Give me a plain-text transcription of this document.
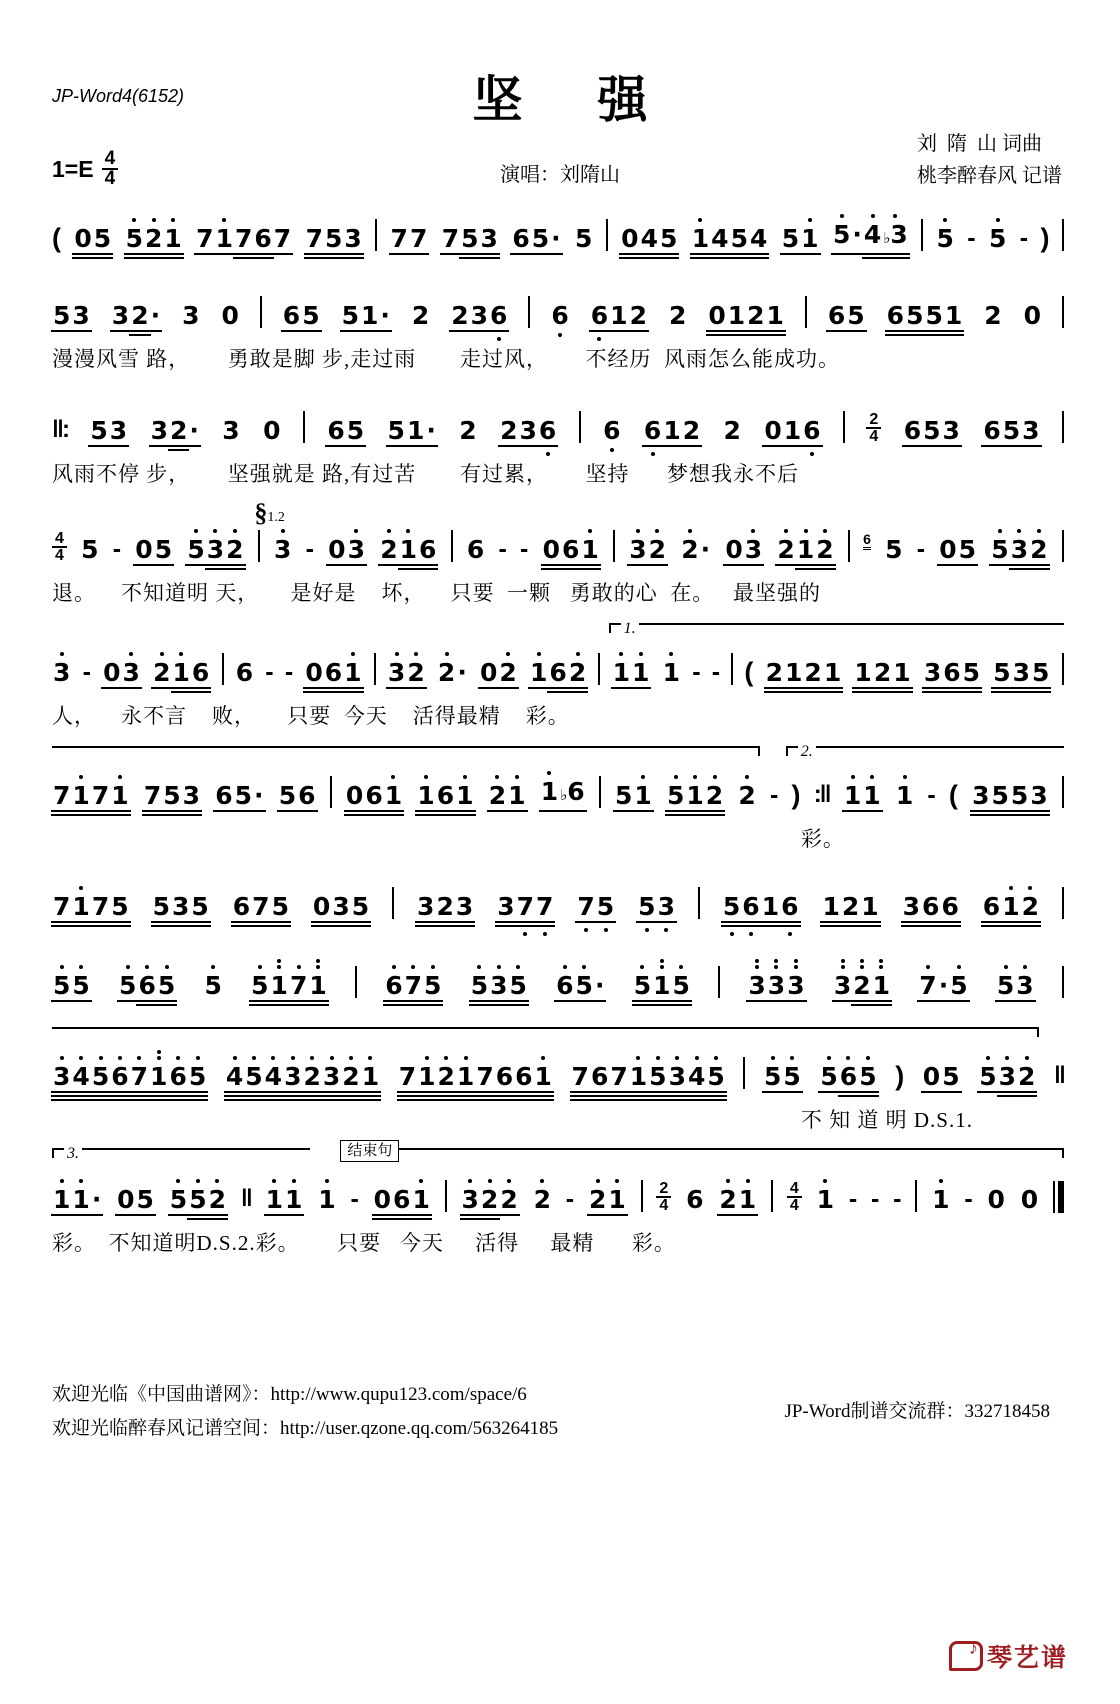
JP-Word4(6152)	坚      强
刘  隋  山 词曲
桃李醉春风 记谱
1=E 4
4	演唱：刘隋山
( 0 5 5 2 1 7 1 7 6 7 7 5 3 7 7 7 5 3 6 5 · 5 0 4 5 1 4 5 4 5 1 5 · 4 ♭3 5 - 5 - )
5 3 3 2 · 3 0 6 5 5 1 · 2 2 3 6 6 6 1 2 2 0 1 2 1 6 5 6 5 5 1 2 0
漫漫风雪 路，      勇敢是脚 步,走过雨       走过风，      不经历  风雨怎么能成功。
‖: 5 3 3 2 · 3 0 6 5 5 1 · 2 2 3 6 6 6 1 2 2 0 1 6	2
4 6 5 3 6 5 3
风雨不停 步，      坚强就是 路,有过苦       有过累，      坚持      梦想我永不后
§1.2
4
4 5 - 0 5 5 3 2 3 - 0 3 2 1 6 6 - - 0 6 1 3 2 2 · 0 3 2 1 2 6 5 - 0 5 5 3 2
退。    不知道明 天，     是好是    坏，    只要  一颗   勇敢的心  在。   最坚强的
1.
3 - 0 3 2 1 6 6 - - 0 6 1 3 2 2 · 0 2 1 6 2 1 1 1 - - ( 2 1 2 1 1 2 1 3 6 5 5 3 5
人，    永不言    败，     只要  今天    活得最精    彩。
2.
7 1 7 1 7 5 3 6 5 · 5 6 0 6 1 1 6 1 2 1 1 ♭6 5 1 5 1 2 2 - ) :‖ 1 1 1 - ( 3 5 5 3
彩。
7 1 7 5 5 3 5 6 7 5 0 3 5 3 2 3 3 7 7 7 5 5 3 5 6 1 6 1 2 1 3 6 6 6 1 2
5 5 5 6 5 5 5 1 7 1 6 7 5 5 3 5 6 5 · 5 1 5 3 3 3 3 2 1 7 · 5 5 3
3 4 5 6 7 1 6 5 4 5 4 3 2 3 2 1 7 1 2 1 7 6 6 1 7 6 7 1 5 3 4 5 5 5 5 6 5 ) 0 5 5 3 2 ‖
不 知 道 明 D.S.1.
3.	结束句
1 1 · 0 5 5 5 2 ‖ 1 1 1 - 0 6 1 3 2 2 2 - 2 1 2
4 6 2 1 4
4 1 - - - 1 - 0 0
彩。  不知道明D.S.2.彩。      只要   今天     活得     最精      彩。
欢迎光临《中国曲谱网》：http://www.qupu123.com/space/6
欢迎光临醉春风记谱空间：http://user.qzone.qq.com/563264185
JP-Word制谱交流群：332718458
♪ 琴艺谱
